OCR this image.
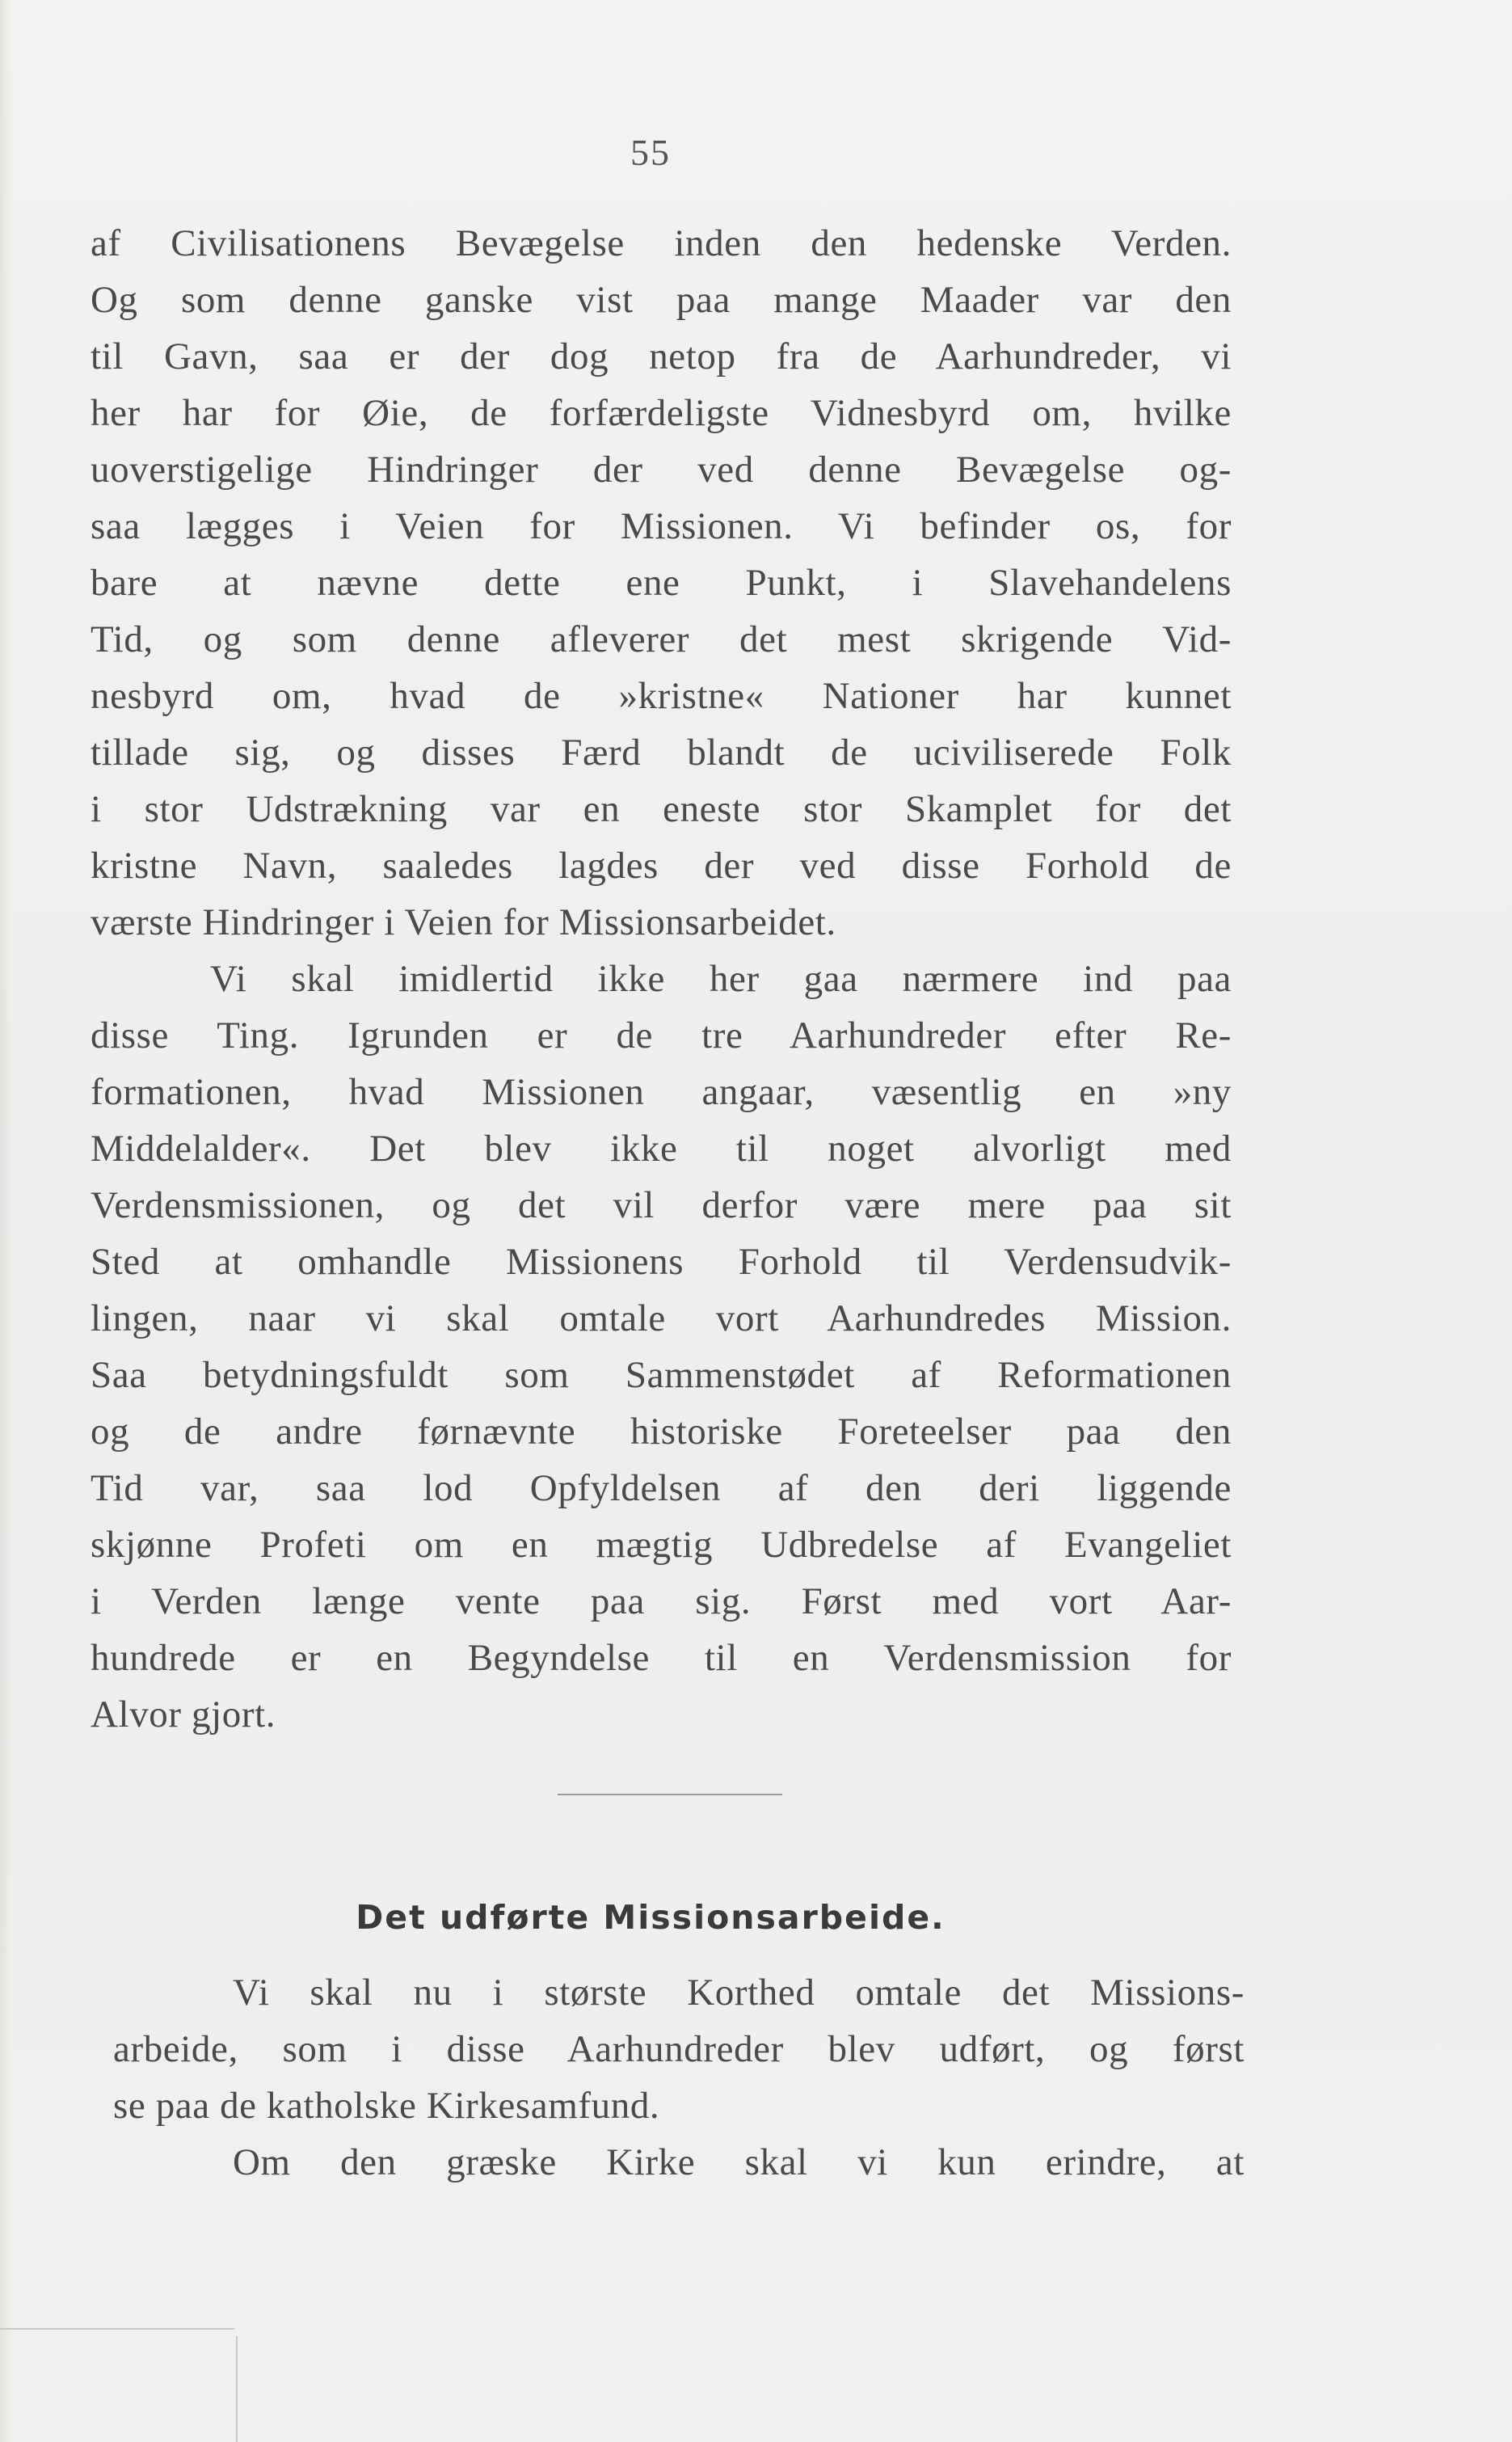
55
af Civilisationens Bevægelse inden den hedenske Verden.
Og som denne ganske vist paa mange Maader var den
til Gavn, saa er der dog netop fra de Aarhundreder, vi
her har for Øie, de forfærdeligste Vidnesbyrd om, hvilke
uoverstigelige Hindringer der ved denne Bevægelse og-
saa lægges i Veien for Missionen. Vi befinder os, for
bare at nævne dette ene Punkt, i Slavehandelens
Tid, og som denne afleverer det mest skrigende Vid-
nesbyrd om, hvad de »kristne« Nationer har kunnet
tillade sig, og disses Færd blandt de uciviliserede Folk
i stor Udstrækning var en eneste stor Skamplet for det
kristne Navn, saaledes lagdes der ved disse Forhold de
værste Hindringer i Veien for Missionsarbeidet.
Vi skal imidlertid ikke her gaa nærmere ind paa
disse Ting. Igrunden er de tre Aarhundreder efter Re-
formationen, hvad Missionen angaar, væsentlig en »ny
Middelalder«. Det blev ikke til noget alvorligt med
Verdensmissionen, og det vil derfor være mere paa sit
Sted at omhandle Missionens Forhold til Verdensudvik-
lingen, naar vi skal omtale vort Aarhundredes Mission.
Saa betydningsfuldt som Sammenstødet af Reformationen
og de andre førnævnte historiske Foreteelser paa den
Tid var, saa lod Opfyldelsen af den deri liggende
skjønne Profeti om en mægtig Udbredelse af Evangeliet
i Verden længe vente paa sig. Først med vort Aar-
hundrede er en Begyndelse til en Verdensmission for
Alvor gjort.
Det udførte Missionsarbeide.
Vi skal nu i største Korthed omtale det Missions-
arbeide, som i disse Aarhundreder blev udført, og først
se paa de katholske Kirkesamfund.
Om den græske Kirke skal vi kun erindre, at
